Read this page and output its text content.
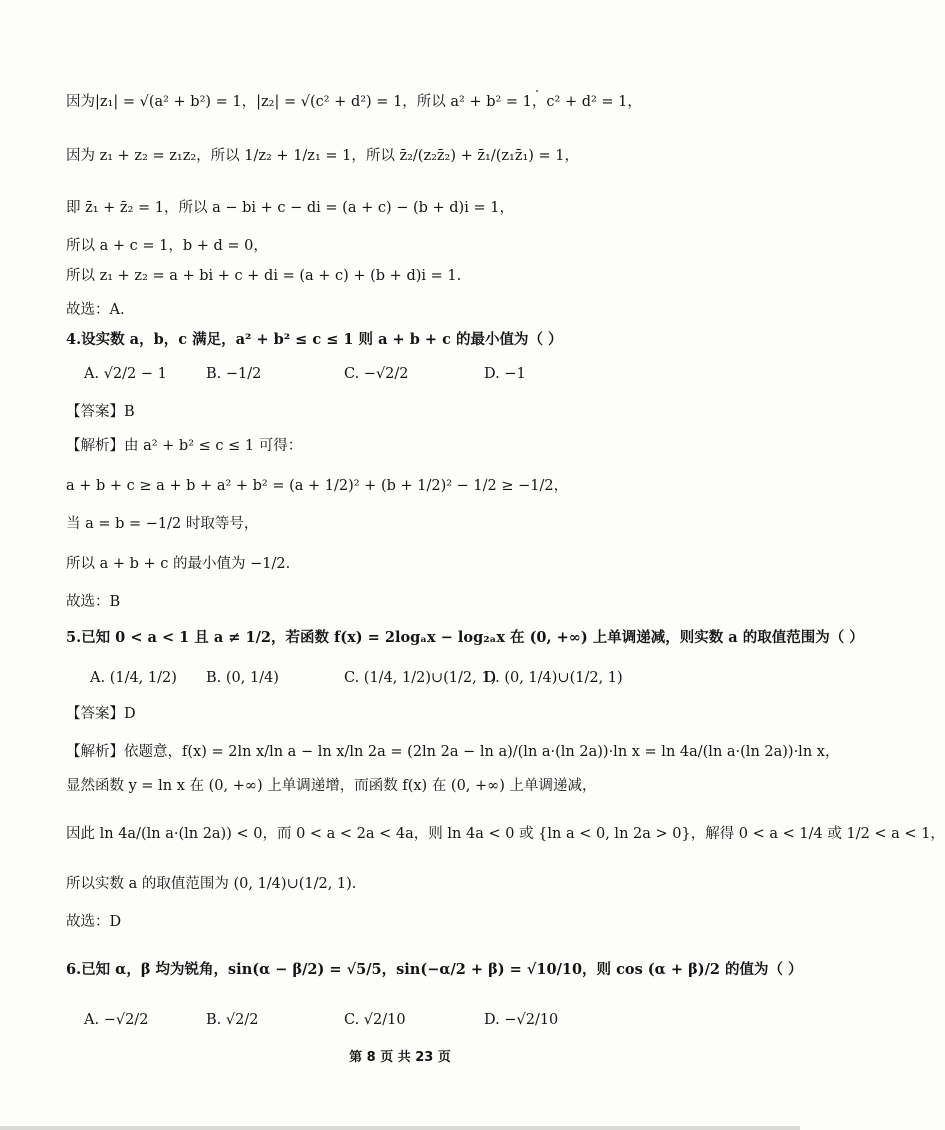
因为|z₁| = √(a² + b²) = 1，|z₂| = √(c² + d²) = 1，所以 a² + b² = 1，c² + d² = 1，
因为 z₁ + z₂ = z₁z₂，所以 1/z₂ + 1/z₁ = 1，所以 z̄₂/(z₂z̄₂) + z̄₁/(z₁z̄₁) = 1，
即 z̄₁ + z̄₂ = 1，所以 a − bi + c − di = (a + c) − (b + d)i = 1，
所以 a + c = 1，b + d = 0，
所以 z₁ + z₂ = a + bi + c + di = (a + c) + (b + d)i = 1.
故选：A.
4.设实数 a，b，c 满足，a² + b² ≤ c ≤ 1 则 a + b + c 的最小值为（ ）
A. √2/2 − 1	B. −1/2	C. −√2/2	D. −1
【答案】B
【解析】由 a² + b² ≤ c ≤ 1 可得：
a + b + c ≥ a + b + a² + b² = (a + 1/2)² + (b + 1/2)² − 1/2 ≥ −1/2，
当 a = b = −1/2 时取等号，
所以 a + b + c 的最小值为 −1/2.
故选：B
5.已知 0 < a < 1 且 a ≠ 1/2，若函数 f(x) = 2logₐx − log₂ₐx 在 (0, +∞) 上单调递减，则实数 a 的取值范围为（ ）
A. (1/4, 1/2) B. (0, 1/4)	C. (1/4, 1/2)∪(1/2, 1)
D. (0, 1/4)∪(1/2, 1)
【答案】D
【解析】依题意，f(x) = 2ln x/ln a − ln x/ln 2a = (2ln 2a − ln a)/(ln a·(ln 2a))·ln x = ln 4a/(ln a·(ln 2a))·ln x，
显然函数 y = ln x 在 (0, +∞) 上单调递增，而函数 f(x) 在 (0, +∞) 上单调递减，
因此 ln 4a/(ln a·(ln 2a)) < 0，而 0 < a < 2a < 4a，则 ln 4a < 0 或 {ln a < 0, ln 2a > 0}，解得 0 < a < 1/4 或 1/2 < a < 1，
所以实数 a 的取值范围为 (0, 1/4)∪(1/2, 1).
故选：D
6.已知 α，β 均为锐角，sin(α − β/2) = √5/5，sin(−α/2 + β) = √10/10，则 cos (α + β)/2 的值为（ ）
A. −√2/2	B. √2/2	C. √2/10	D. −√2/10
第 8 页 共 23 页
